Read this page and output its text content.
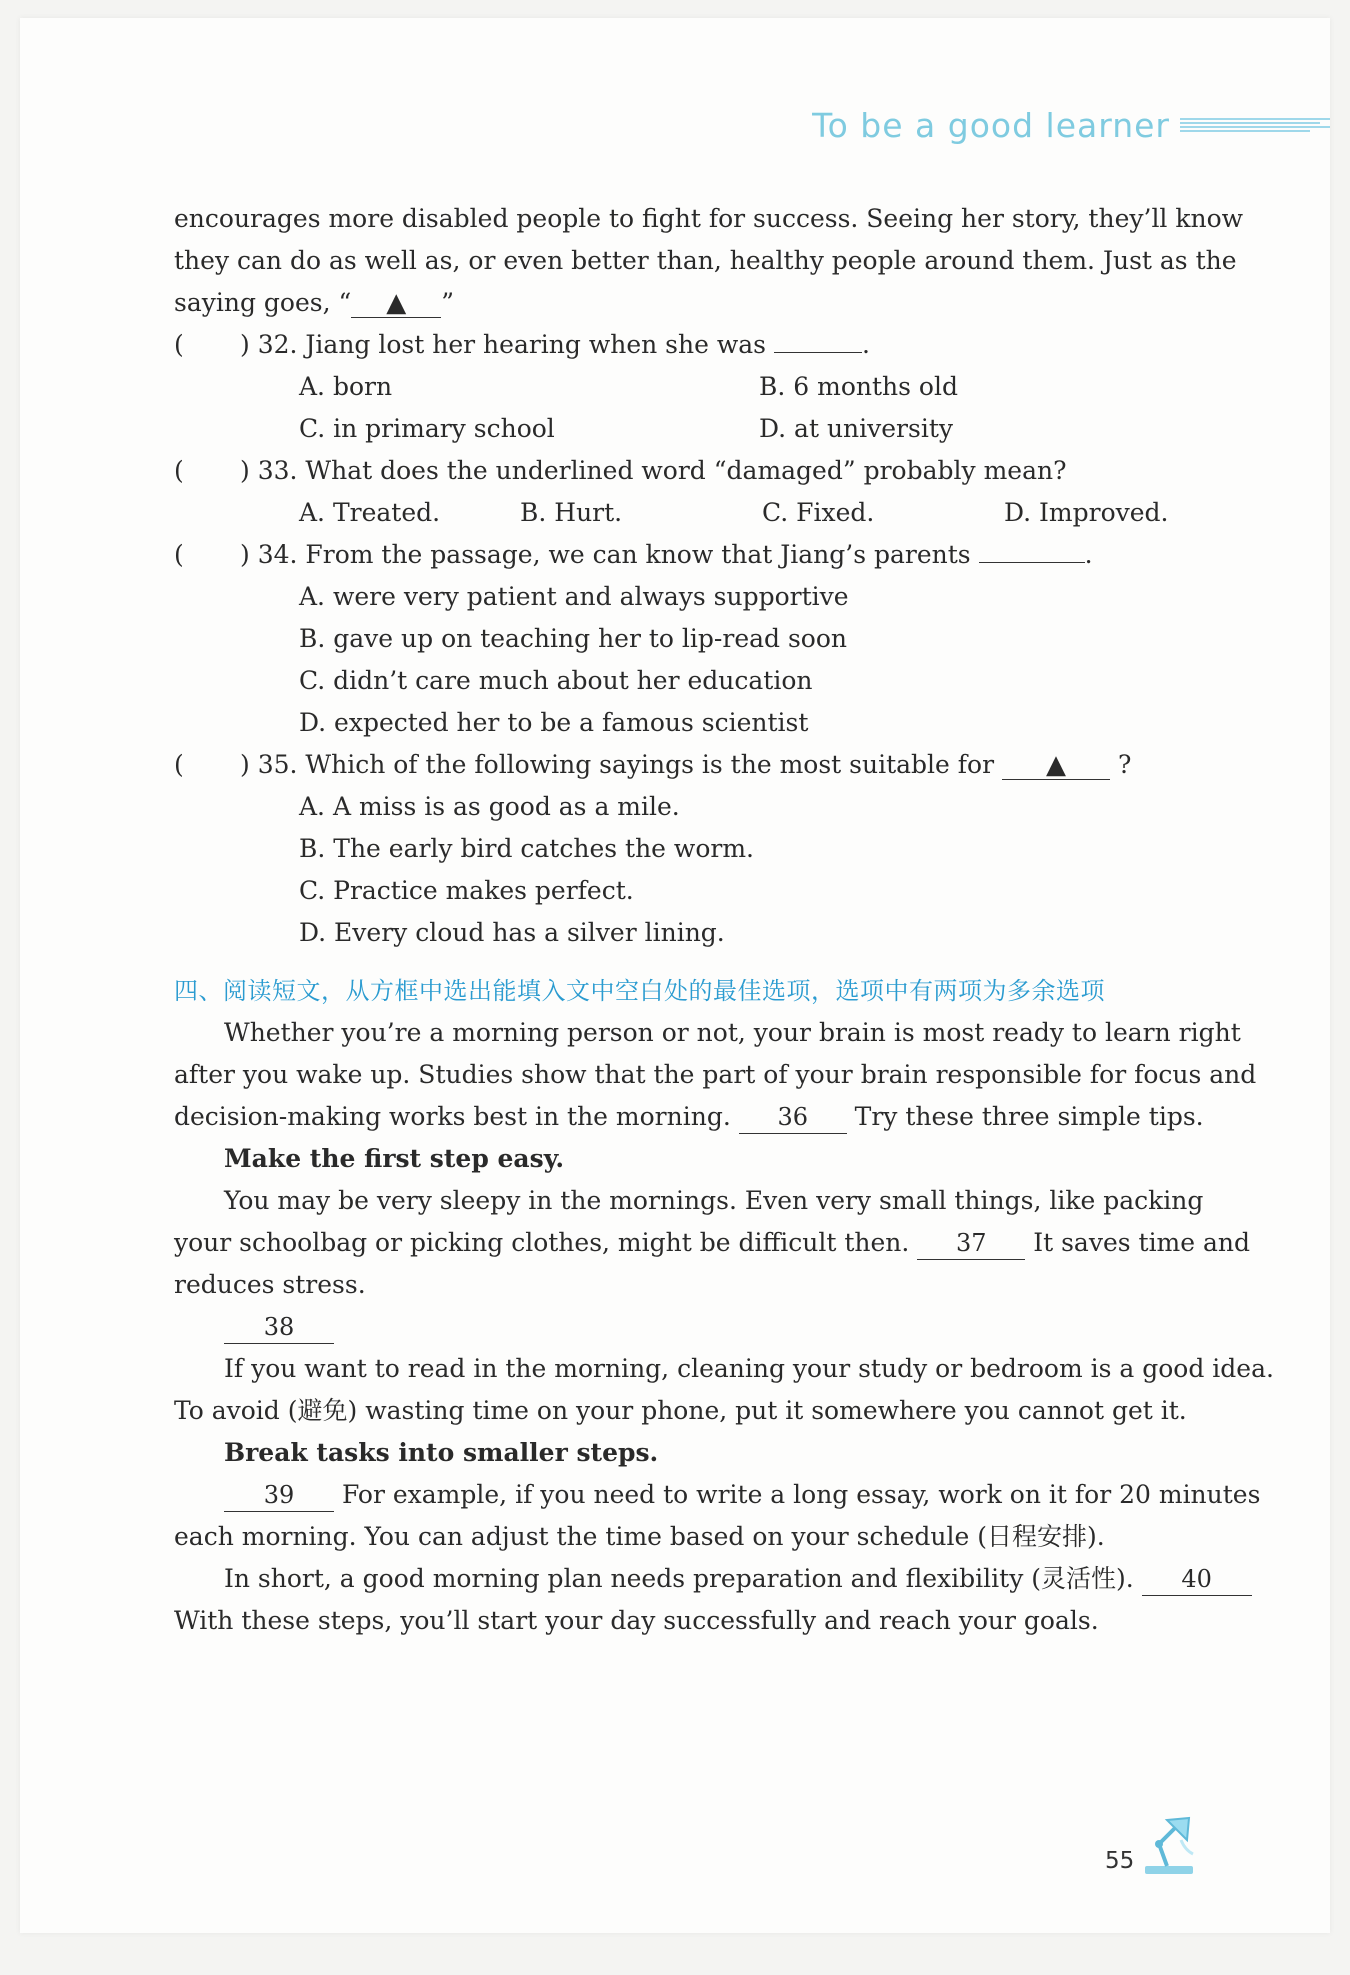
To be a good learner
encourages more disabled people to fight for success. Seeing her story, they’ll know
they can do as well as, or even better than, healthy people around them. Just as the
saying goes, “ ▲ ”
( ) 32. Jiang lost her hearing when she was	.
A. born	B. 6 months old
C. in primary school	D. at university
( ) 33. What does the underlined word “damaged” probably mean?
A. Treated.	B. Hurt.	C. Fixed.	D. Improved.
( ) 34. From the passage, we can know that Jiang’s parents	.
A. were very patient and always supportive
B. gave up on teaching her to lip-read soon
C. didn’t care much about her education
D. expected her to be a famous scientist
( ) 35. Which of the following sayings is the most suitable for ▲ ?
A. A miss is as good as a mile.
B. The early bird catches the worm.
C. Practice makes perfect.
D. Every cloud has a silver lining.
四、阅读短文，从方框中选出能填入文中空白处的最佳选项，选项中有两项为多余选项
Whether you’re a morning person or not, your brain is most ready to learn right
after you wake up. Studies show that the part of your brain responsible for focus and
decision-making works best in the morning. 36 Try these three simple tips.
Make the first step easy.
You may be very sleepy in the mornings. Even very small things, like packing
your schoolbag or picking clothes, might be difficult then. 37 It saves time and
reduces stress.
38
If you want to read in the morning, cleaning your study or bedroom is a good idea.
To avoid (避免) wasting time on your phone, put it somewhere you cannot get it.
Break tasks into smaller steps.
39 For example, if you need to write a long essay, work on it for 20 minutes
each morning. You can adjust the time based on your schedule (日程安排).
In short, a good morning plan needs preparation and flexibility (灵活性). 40
With these steps, you’ll start your day successfully and reach your goals.
55
